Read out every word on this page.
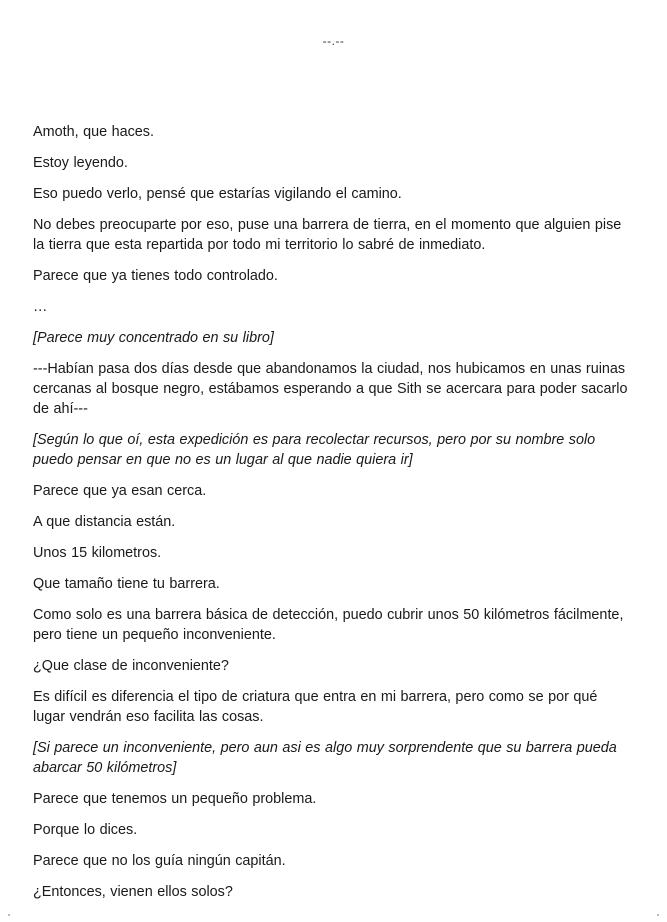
--.--

Amoth, que haces.

Estoy leyendo.

Eso puedo verlo, pensé que estarías vigilando el camino.

No debes preocuparte por eso, puse una barrera de tierra, en el momento que alguien pise la tierra que esta repartida por todo mi territorio lo sabré de inmediato.

Parece que ya tienes todo controlado.

…

[Parece muy concentrado en su libro]

---Habían pasa dos días desde que abandonamos la ciudad, nos hubicamos en unas ruinas cercanas al bosque negro, estábamos esperando a que Sith se acercara para poder sacarlo de ahí---

[Según lo que oí, esta expedición es para recolectar recursos, pero por su nombre solo puedo pensar en que no es un lugar al que nadie quiera ir]

Parece que ya esan cerca.

A que distancia están.

Unos 15 kilometros.

Que tamaño tiene tu barrera.

Como solo es una barrera básica de detección, puedo cubrir unos 50 kilómetros fácilmente, pero tiene un pequeño inconveniente.

¿Que clase de inconveniente?

Es difícil es diferencia el tipo de criatura que entra en mi barrera, pero como se por qué lugar vendrán eso facilita las cosas.

[Si parece un inconveniente, pero aun asi es algo muy sorprendente que su barrera pueda abarcar 50 kilómetros]

Parece que tenemos un pequeño problema.

Porque lo dices.

Parece que no los guía ningún capitán.

¿Entonces, vienen ellos solos?
